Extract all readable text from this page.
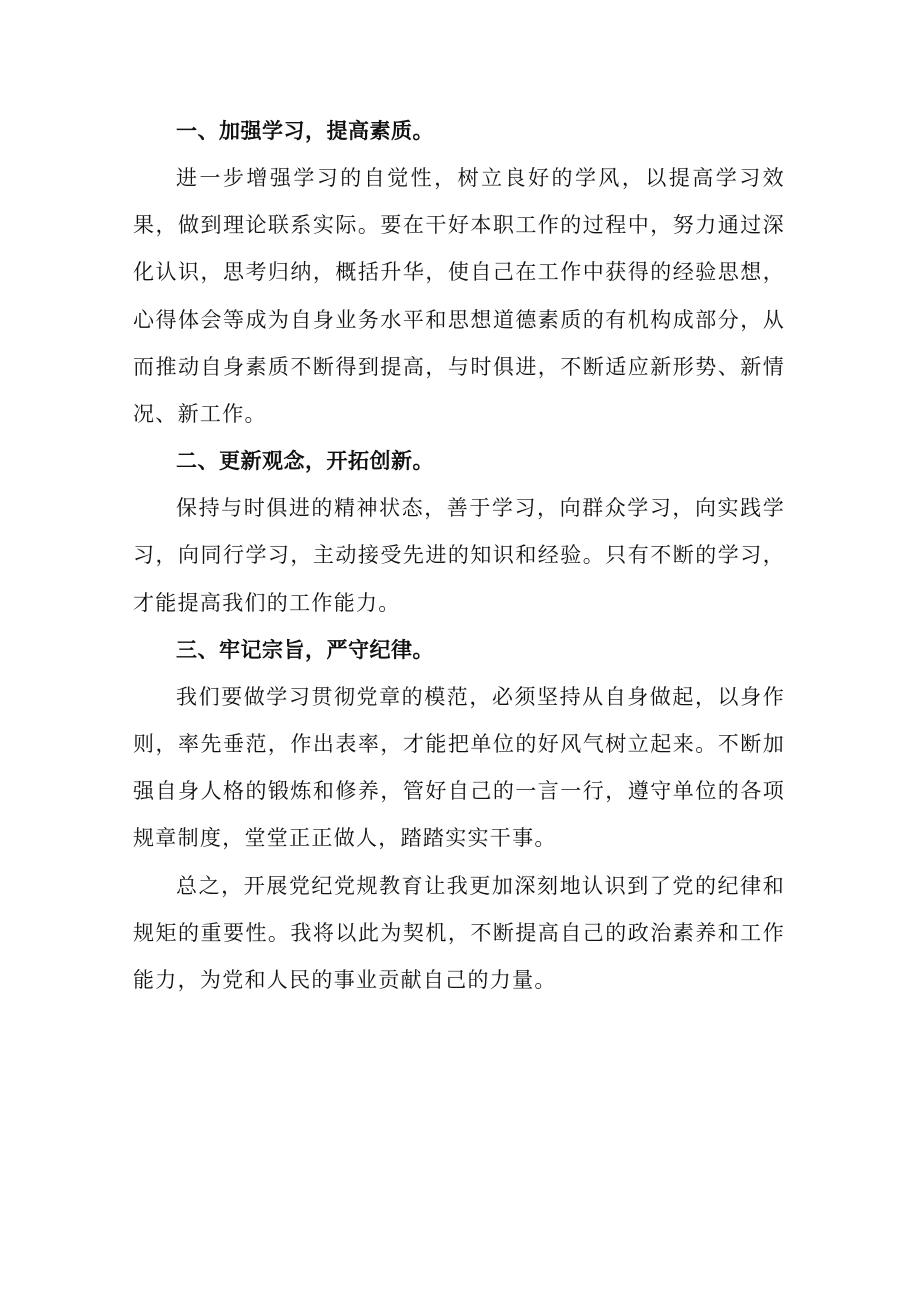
一、加强学习，提高素质。

进一步增强学习的自觉性，树立良好的学风，以提高学习效果，做到理论联系实际。要在干好本职工作的过程中，努力通过深化认识，思考归纳，概括升华，使自己在工作中获得的经验思想，心得体会等成为自身业务水平和思想道德素质的有机构成部分，从而推动自身素质不断得到提高，与时俱进，不断适应新形势、新情况、新工作。

二、更新观念，开拓创新。

保持与时俱进的精神状态，善于学习，向群众学习，向实践学习，向同行学习，主动接受先进的知识和经验。只有不断的学习，才能提高我们的工作能力。

三、牢记宗旨，严守纪律。

我们要做学习贯彻党章的模范，必须坚持从自身做起，以身作则，率先垂范，作出表率，才能把单位的好风气树立起来。不断加强自身人格的锻炼和修养，管好自己的一言一行，遵守单位的各项规章制度，堂堂正正做人，踏踏实实干事。

总之，开展党纪党规教育让我更加深刻地认识到了党的纪律和规矩的重要性。我将以此为契机，不断提高自己的政治素养和工作能力，为党和人民的事业贡献自己的力量。
